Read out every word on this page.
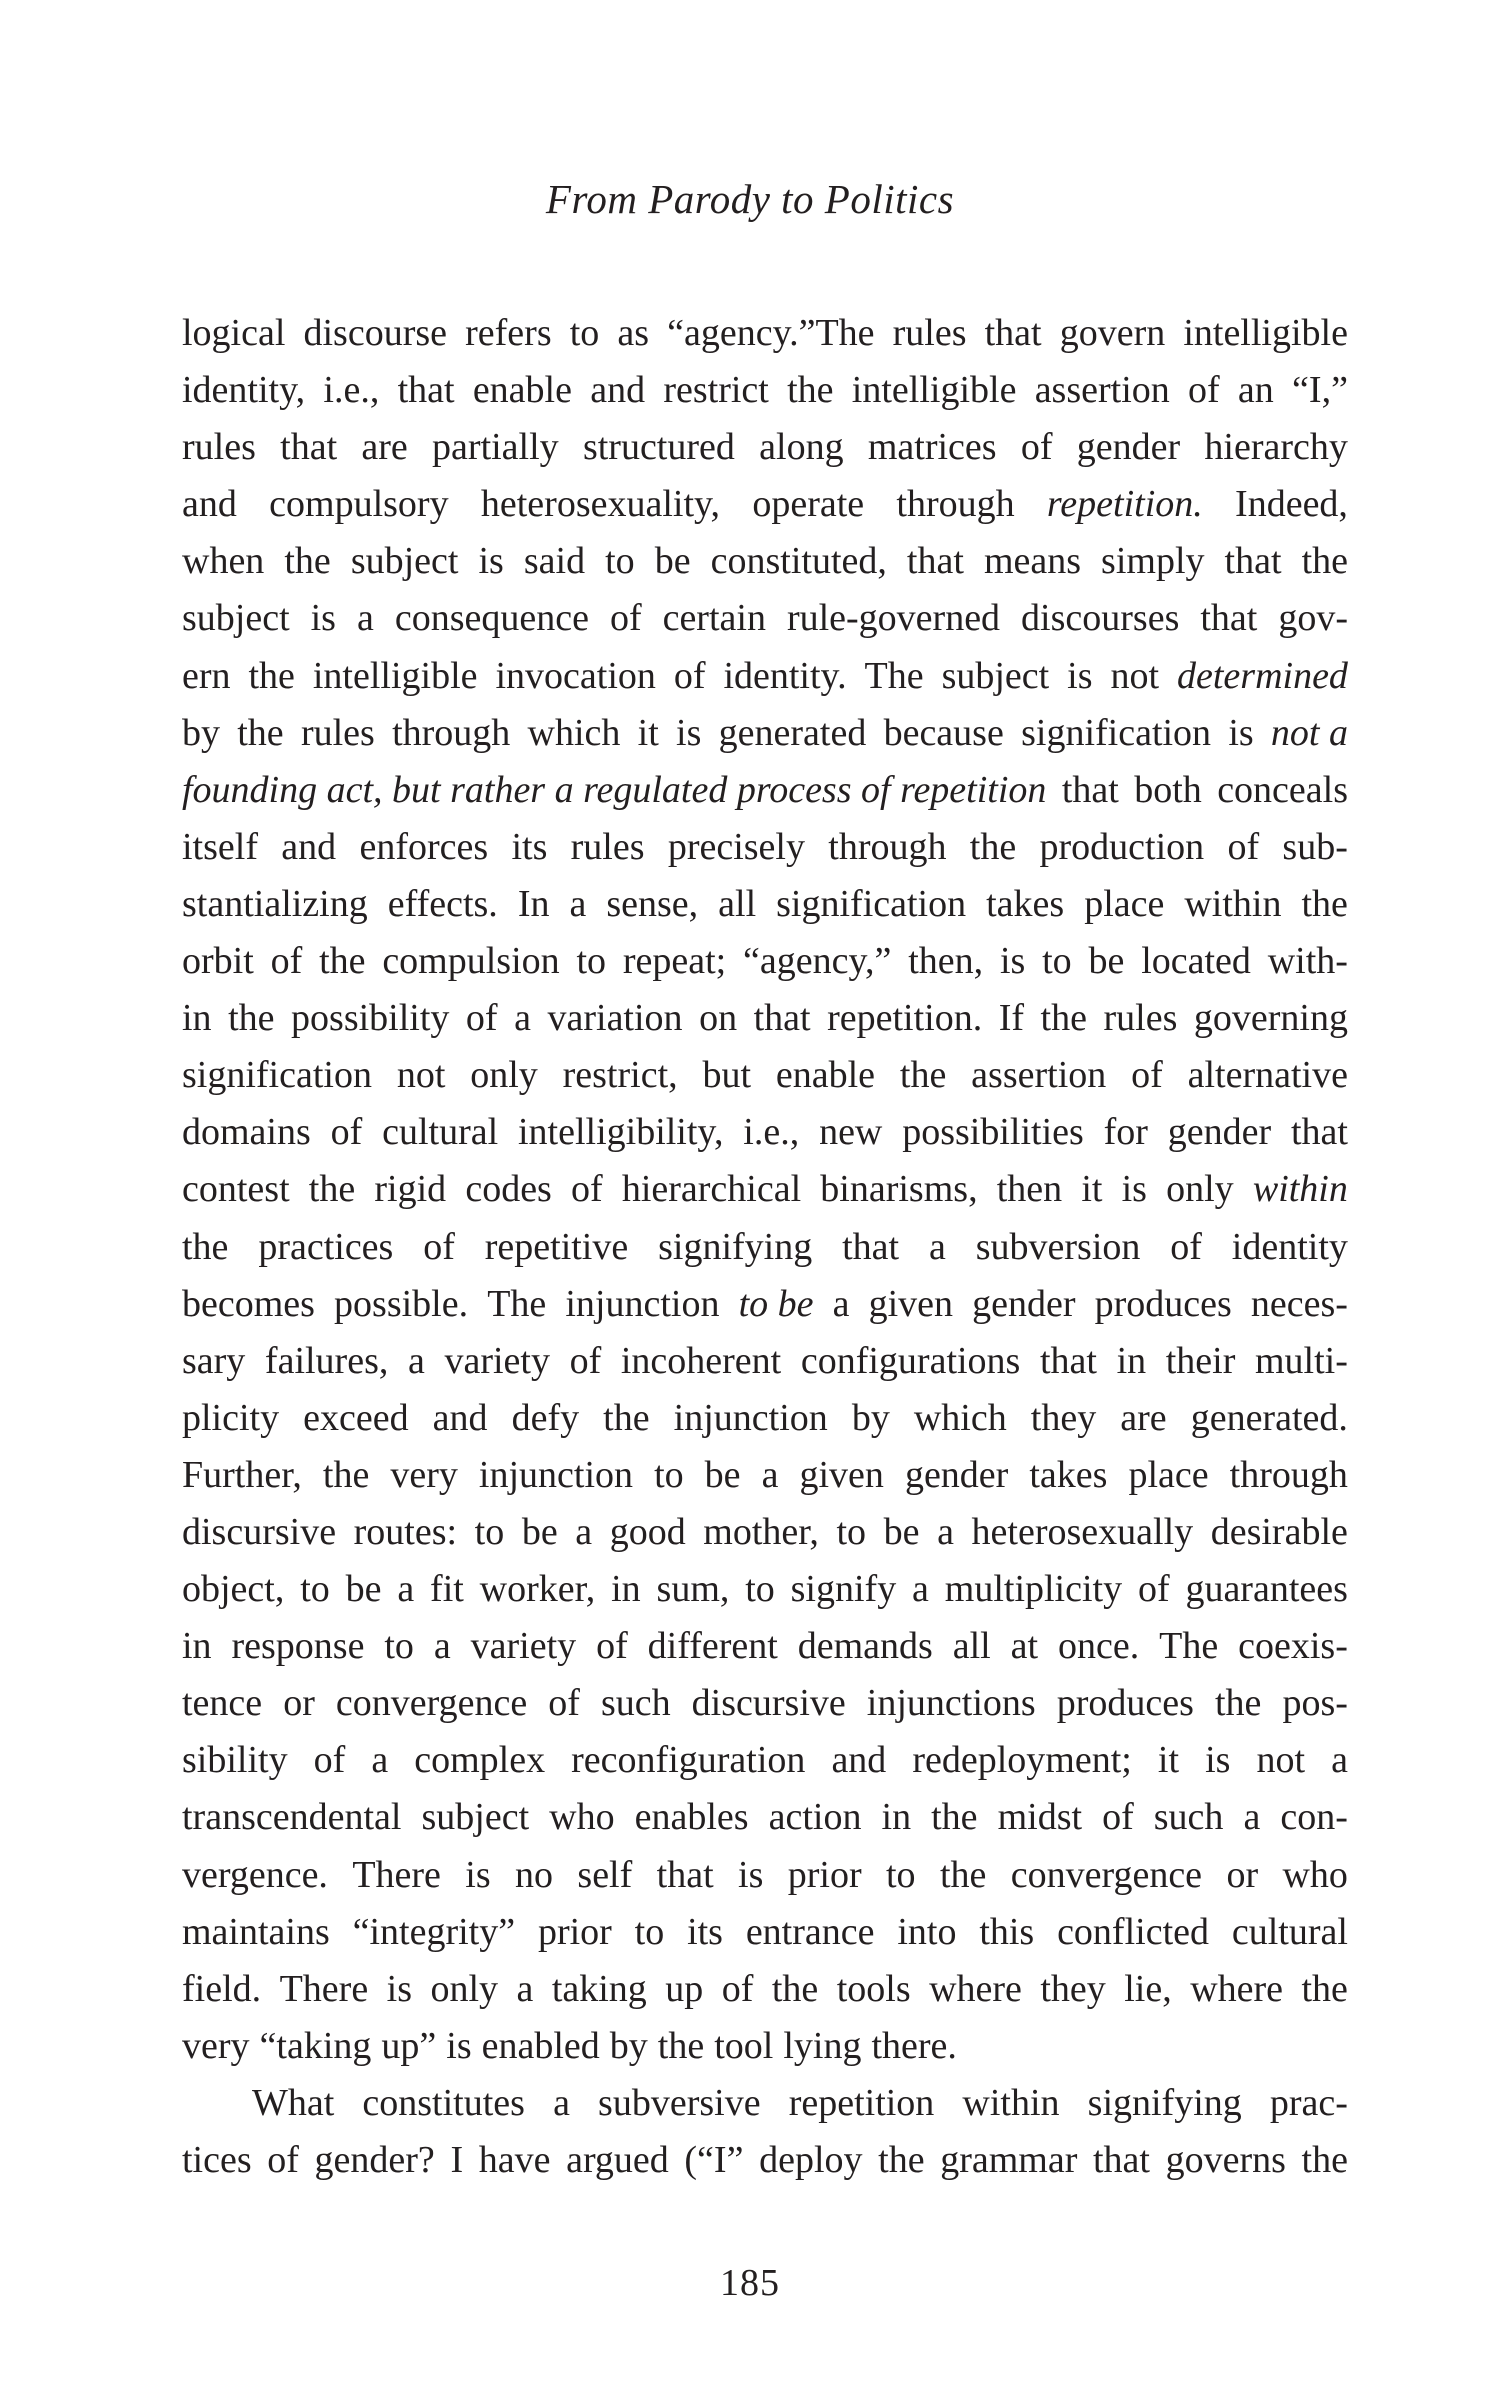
From Parody to Politics
logical discourse refers to as “agency.”The rules that govern intelligible
identity, i.e., that enable and restrict the intelligible assertion of an “I,”
rules that are partially structured along matrices of gender hierarchy
and compulsory heterosexuality, operate through repetition. Indeed,
when the subject is said to be constituted, that means simply that the
subject is a consequence of certain rule-governed discourses that gov-
ern the intelligible invocation of identity. The subject is not determined
by the rules through which it is generated because signification is not a
founding act, but rather a regulated process of repetition that both conceals
itself and enforces its rules precisely through the production of sub-
stantializing effects. In a sense, all signification takes place within the
orbit of the compulsion to repeat; “agency,” then, is to be located with-
in the possibility of a variation on that repetition. If the rules governing
signification not only restrict, but enable the assertion of alternative
domains of cultural intelligibility, i.e., new possibilities for gender that
contest the rigid codes of hierarchical binarisms, then it is only within
the practices of repetitive signifying that a subversion of identity
becomes possible. The injunction to be a given gender produces neces-
sary failures, a variety of incoherent configurations that in their multi-
plicity exceed and defy the injunction by which they are generated.
Further, the very injunction to be a given gender takes place through
discursive routes: to be a good mother, to be a heterosexually desirable
object, to be a fit worker, in sum, to signify a multiplicity of guarantees
in response to a variety of different demands all at once. The coexis-
tence or convergence of such discursive injunctions produces the pos-
sibility of a complex reconfiguration and redeployment; it is not a
transcendental subject who enables action in the midst of such a con-
vergence. There is no self that is prior to the convergence or who
maintains “integrity” prior to its entrance into this conflicted cultural
field. There is only a taking up of the tools where they lie, where the
very “taking up” is enabled by the tool lying there.
What constitutes a subversive repetition within signifying prac-
tices of gender? I have argued (“I” deploy the grammar that governs the
185
